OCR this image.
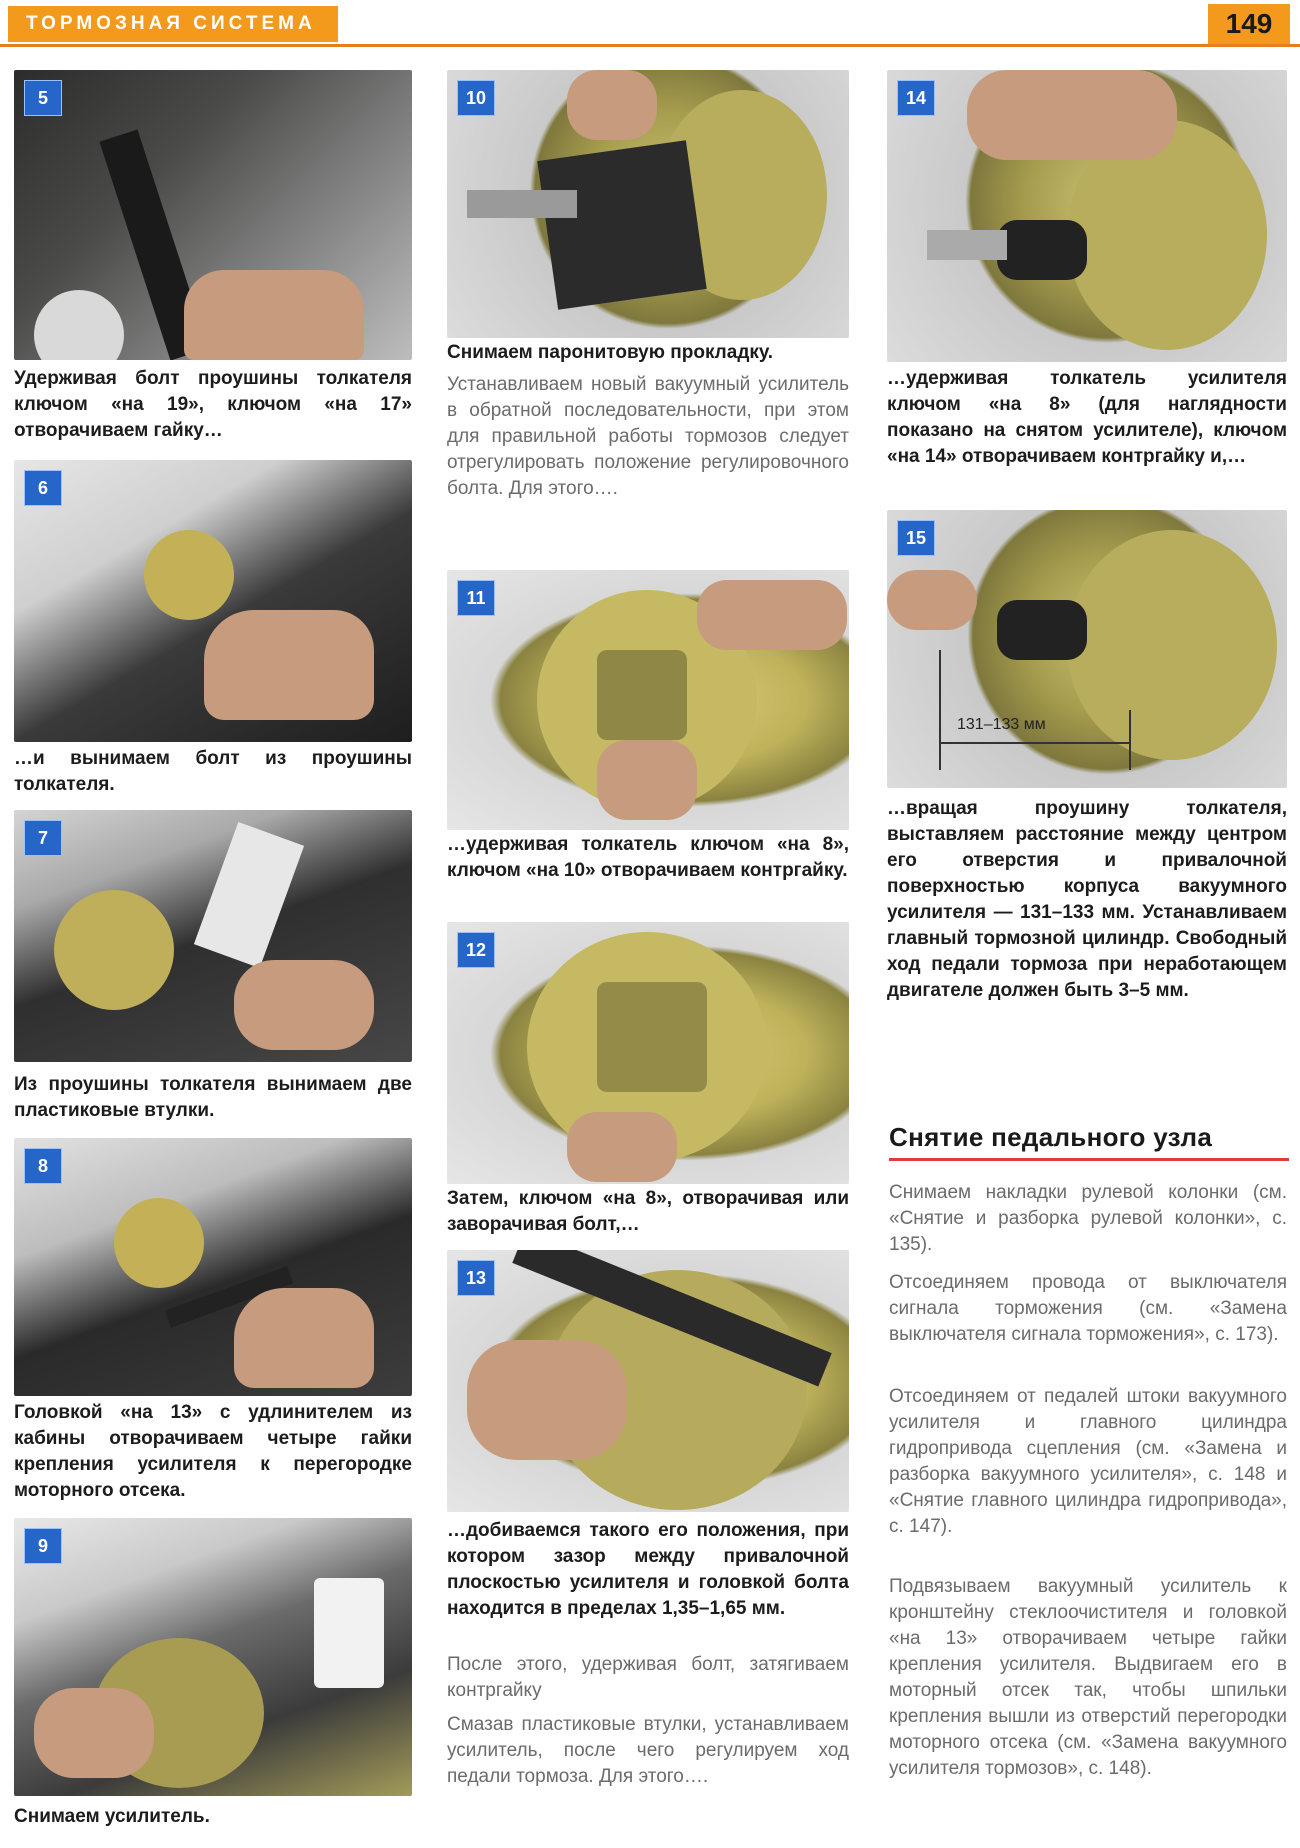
ТОРМОЗНАЯ СИСТЕМА	149
5
Удерживая болт проушины толкателя ключом «на 19», ключом «на 17» отворачиваем гайку…
6
…и вынимаем болт из проушины толкателя.
7
Из проушины толкателя вынимаем две пластиковые втулки.
8
Головкой «на 13» с удлинителем из кабины отворачиваем четыре гайки крепления усилителя к перегородке моторного отсека.
9
Снимаем усилитель.
10
Снимаем паронитовую прокладку.
Устанавливаем новый вакуумный усилитель в обратной последовательности, при этом для правильной работы тормозов следует отрегулировать положение регулировочного болта. Для этого….
11
…удерживая толкатель ключом «на 8», ключом «на 10» отворачиваем контргайку.
12
Затем, ключом «на 8», отворачивая или заворачивая болт,…
13
…добиваемся такого его положения, при котором зазор между привалочной плоскостью усилителя и головкой болта находится в пределах 1,35–1,65 мм.
После этого, удерживая болт, затягиваем контргайку
Смазав пластиковые втулки, устанавливаем усилитель, после чего регулируем ход педали тормоза. Для этого….
14
…удерживая толкатель усилителя ключом «на 8» (для наглядности показано на снятом усилителе), ключом «на 14» отворачиваем контргайку и,…
131–133 мм
15
…вращая проушину толкателя, выставляем расстояние между центром его отверстия и привалочной поверхностью корпуса вакуумного усилителя — 131–133 мм. Устанавливаем главный тормозной цилиндр. Свободный ход педали тормоза при неработающем двигателе должен быть 3–5 мм.
Снятие педального узла
Снимаем накладки рулевой колонки (см. «Снятие и разборка рулевой колонки», с. 135).
Отсоединяем провода от выключателя сигнала торможения (см. «Замена выключателя сигнала торможения», с. 173).
Отсоединяем от педалей штоки вакуумного усилителя и главного цилиндра гидропривода сцепления (см. «Замена и разборка вакуумного усилителя», с. 148 и «Снятие главного цилиндра гидропривода», с. 147).
Подвязываем вакуумный усилитель к кронштейну стеклоочистителя и головкой «на 13» отворачиваем четыре гайки крепления усилителя. Выдвигаем его в моторный отсек так, чтобы шпильки крепления вышли из отверстий перегородки моторного отсека (см. «Замена вакуумного усилителя тормозов», с. 148).
